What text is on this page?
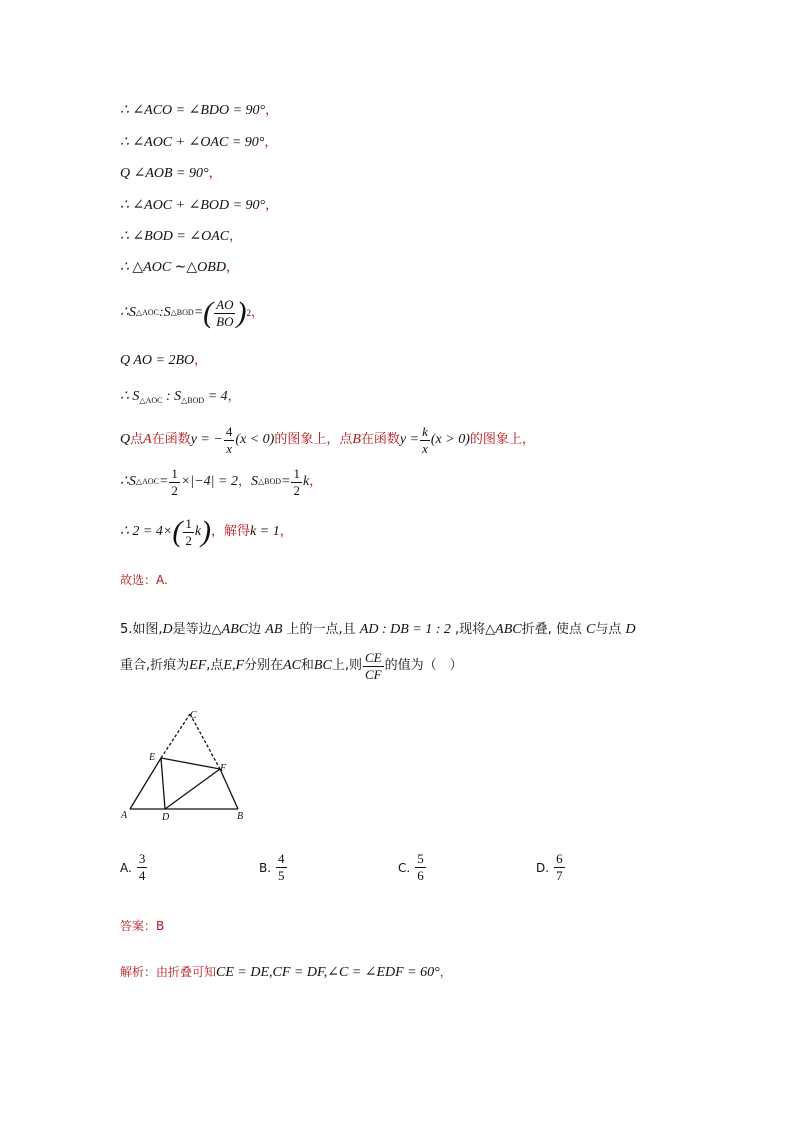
∴ ∠ACO = ∠BDO = 90°，
∴ ∠AOC + ∠OAC = 90°，
Q ∠AOB = 90°，
∴ ∠AOC + ∠BOD = 90°，
∴ ∠BOD = ∠OAC，
∴ △AOC ∼△OBD，
∴ S △AOC : S △BOD = ( $\frac{AO}{BO}$ ) 2 ，
Q AO = 2BO，
∴ $S_{\triangle AOC}$ : $S_{\triangle BOD} = 4$，
Q 点 A 在函数 y = − $\frac{4}{x} (x < 0)$ 的图象上，点 B 在函数 $y = \frac{k}{x} (x > 0)$ 的图象上，
∴ S △AOC = $\frac{1}{2} \times|-4| = 2$ ， S △BOD = $\frac{1}{2}$ k ，
∴ 2 = 4× ( $\frac{1}{2}$ k ) ，解得 k = 1 ，
故选：A.
5.如图,D是等边△ABC边 AB 上的一点,且 AD : DB = 1 : 2 ,现将△ABC折叠, 使点 C与点 D
重合,折痕为 EF ,点 E,F 分别在 AC 和 BC 上,则 $\frac{CE}{CF}$ 的值为（　）
A	D	B
E
F
C
A. $\frac{3}{4}$	B. $\frac{4}{5}$	C. $\frac{5}{6}$	D. $\frac{6}{7}$
答案：B
解析：由折叠可知CE = DE,CF = DF,∠C = ∠EDF = 60°，
